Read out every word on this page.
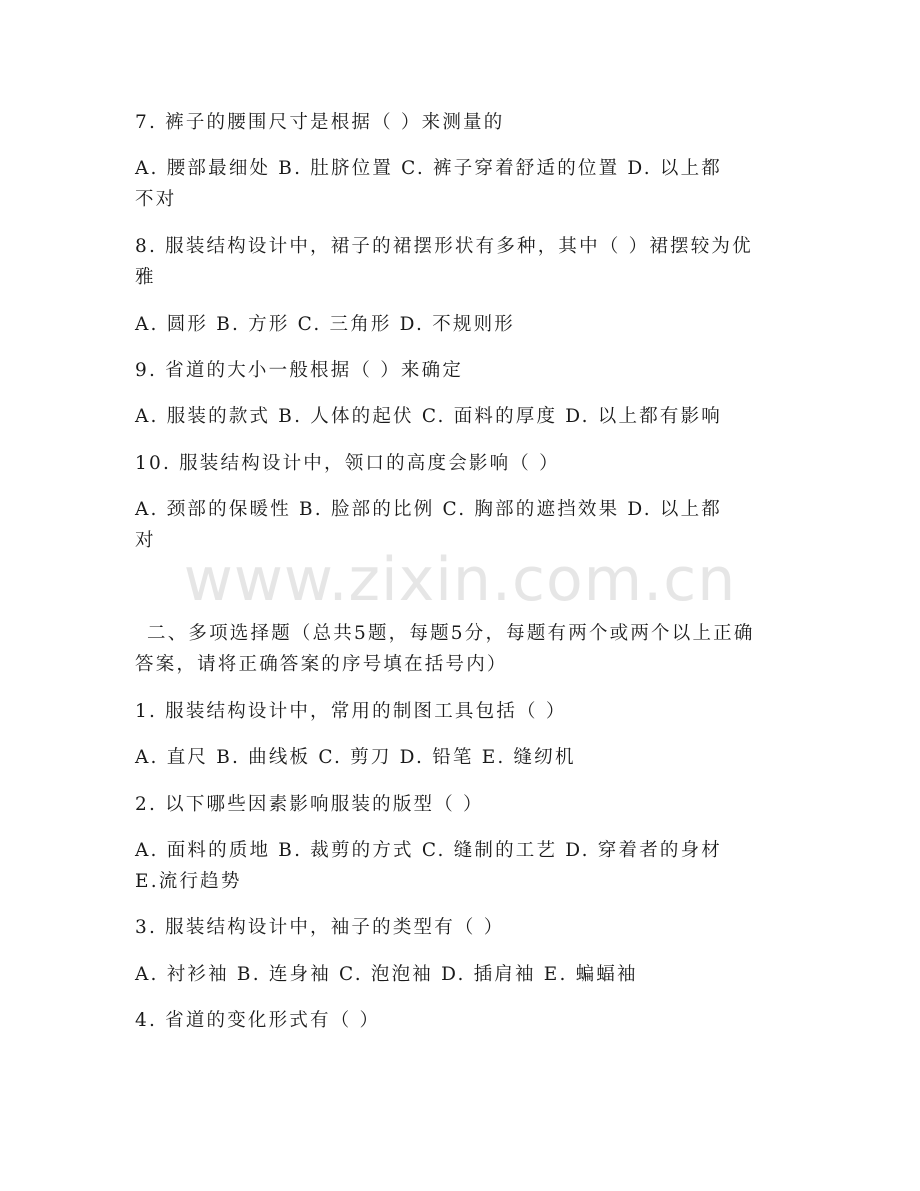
www.zixin.com.cn
7. 裤子的腰围尺寸是根据（ ）来测量的
A. 腰部最细处 B. 肚脐位置 C. 裤子穿着舒适的位置 D. 以上都
不对
8. 服装结构设计中，裙子的裙摆形状有多种，其中（ ）裙摆较为优
雅
A. 圆形 B. 方形 C. 三角形 D. 不规则形
9. 省道的大小一般根据（ ）来确定
A. 服装的款式 B. 人体的起伏 C. 面料的厚度 D. 以上都有影响
10. 服装结构设计中，领口的高度会影响（ ）
A. 颈部的保暖性 B. 脸部的比例 C. 胸部的遮挡效果 D. 以上都
对
二、多项选择题（总共5题，每题5分，每题有两个或两个以上正确
答案，请将正确答案的序号填在括号内）
1. 服装结构设计中，常用的制图工具包括（ ）
A. 直尺 B. 曲线板 C. 剪刀 D. 铅笔 E. 缝纫机
2. 以下哪些因素影响服装的版型（ ）
A. 面料的质地 B. 裁剪的方式 C. 缝制的工艺 D. 穿着者的身材
E.流行趋势
3. 服装结构设计中，袖子的类型有（ ）
A. 衬衫袖 B. 连身袖 C. 泡泡袖 D. 插肩袖 E. 蝙蝠袖
4. 省道的变化形式有（ ）
